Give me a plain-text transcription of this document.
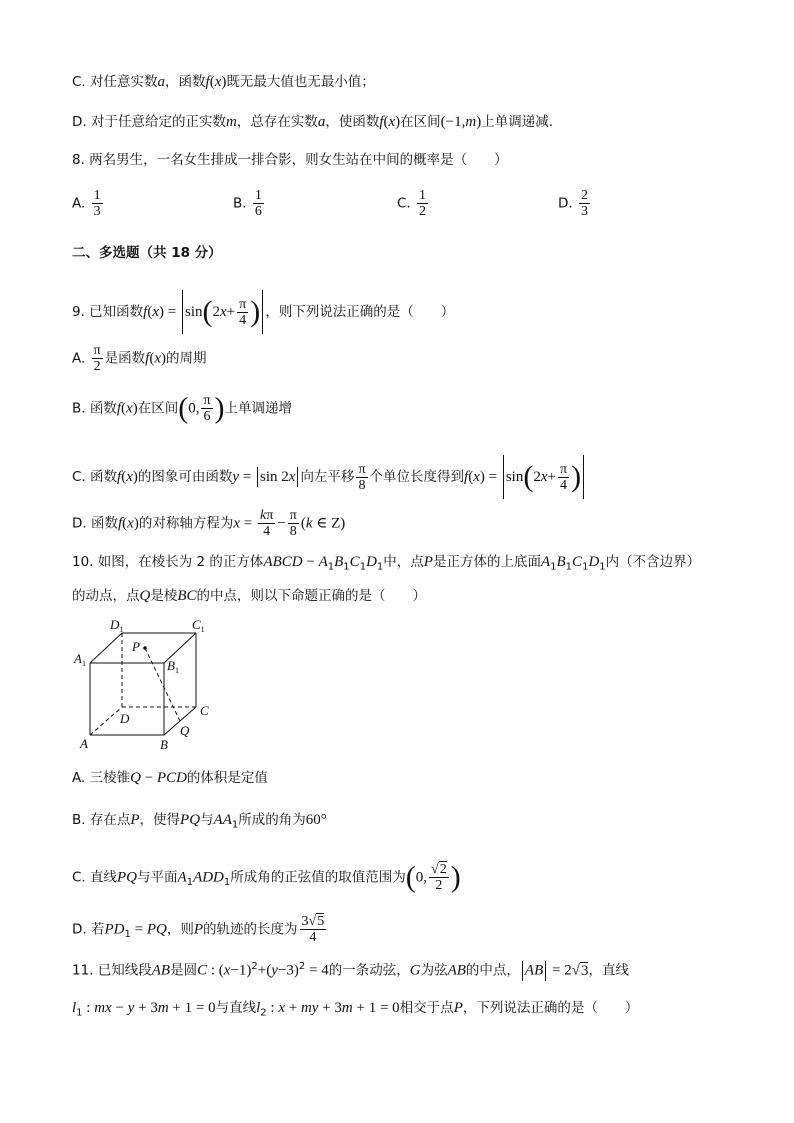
C. 对任意实数a，函数f(x)既无最大值也无最小值；
D. 对于任意给定的正实数m，总存在实数a，使函数f(x)在区间(−1,m)上单调递减.
8. 两名男生，一名女生排成一排合影，则女生站在中间的概率是（　　）
A. $\frac{1}{3}$	B. $\frac{1}{6}$	C. $\frac{1}{2}$	D. $\frac{2}{3}$
二、多选题（共 18 分）
9. 已知函数$f(x) = \sin(2x+ \frac{\pi}{4}$ ) ，则下列说法正确的是（　　）
A. $\frac{\pi}{2}$ 是函数f(x)的周期
B. 函数f(x)在区间(0, $\frac{\pi}{6}$ )上单调递增
C. 函数f(x)的图象可由函数y = sin 2x 向左平移 $\frac{\pi}{8}$ 个单位长度得到$f(x) = \sin(2x+ \frac{\pi}{4}$ )
D. 函数f(x)的对称轴方程为$x = \frac{k\pi}{4} - \frac{\pi}{8} (k$ ∈ Z)
10. 如图，在棱长为 2 的正方体ABCD − $A_1B_1C_1D_1$中，点P是正方体的上底面$A_1B_1C_1D_1$内（不含边界）
的动点，点Q是棱BC的中点，则以下命题正确的是（　　）
$D_1$	$C_1$
$A_1$	$B_1$
P
D
C
A	B
Q
A. 三棱锥Q − PCD的体积是定值
B. 存在点P，使得PQ与$AA_1$所成的角为60°
C. 直线PQ与平面$A_1ADD_1$所成角的正弦值的取值范围为(0, $\frac{√2}{2}$ )
D. 若$PD_1$ = PQ，则P的轨迹的长度为 $\frac{3√5}{4}$
11. 已知线段AB是圆C : $(x-1)^2+(y-3)^2 = 4$的一条动弦，G为弦AB的中点， AB = 2√3，直线
$l_1$ : mx − y + 3m + 1 = 0与直线$l_2$ : x + my + 3m + 1 = 0相交于点P，下列说法正确的是（　　）
